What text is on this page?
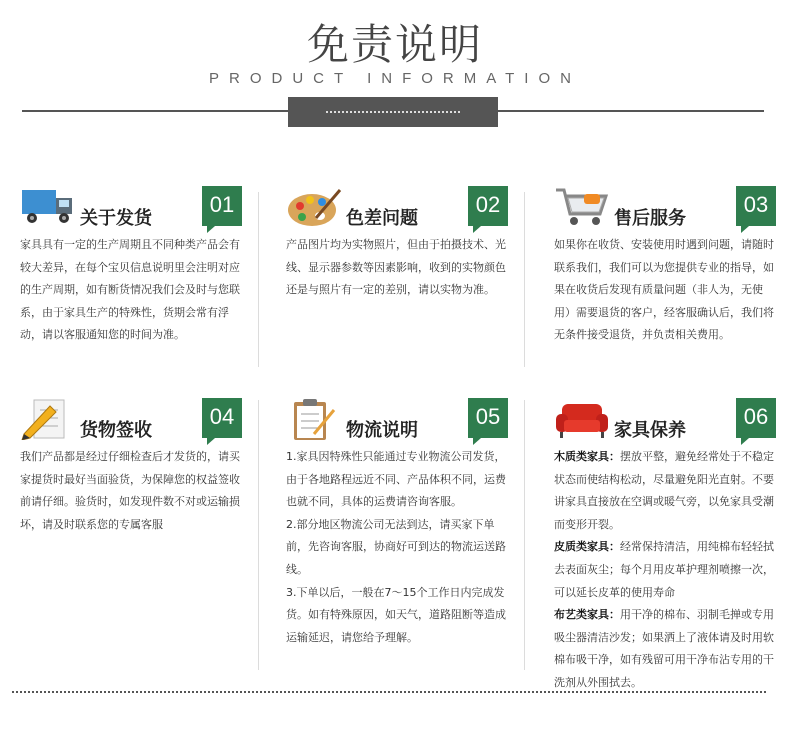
免责说明
PRODUCT INFORMATION
关于发货
01

家具具有一定的生产周期且不同种类产品会有较大差异，在每个宝贝信息说明里会注明对应的生产周期，如有断货情况我们会及时与您联系，由于家具生产的特殊性，货期会常有浮动，请以客服通知您的时间为准。

色差问题
02

产品图片均为实物照片，但由于拍摄技术、光线、显示器参数等因素影响，收到的实物颜色还是与照片有一定的差别，请以实物为准。

售后服务
03

如果你在收货、安装使用时遇到问题，请随时联系我们，我们可以为您提供专业的指导，如果在收货后发现有质量问题（非人为，无使用）需要退货的客户，经客服确认后，我们将无条件接受退货，并负责相关费用。

货物签收
04

我们产品都是经过仔细检查后才发货的，请买家提货时最好当面验货，为保障您的权益签收前请仔细。验货时，如发现件数不对或运输损坏，请及时联系您的专属客服

物流说明
05

1.家具因特殊性只能通过专业物流公司发货，由于各地路程远近不同、产品体积不同，运费也就不同，具体的运费请咨询客服。

2.部分地区物流公司无法到达，请买家下单前，先咨询客服，协商好可到达的物流运送路线。

3.下单以后，一般在7～15个工作日内完成发货。如有特殊原因，如天气，道路阻断等造成运输延迟，请您给予理解。

家具保养
06

木质类家具：摆放平整，避免经常处于不稳定状态而使结构松动，尽量避免阳光直射。不要讲家具直接放在空调或暖气旁，以免家具受潮而变形开裂。

皮质类家具：经常保持清洁，用纯棉布轻轻拭去表面灰尘；每个月用皮革护理剂喷擦一次，可以延长皮革的使用寿命

布艺类家具：用干净的棉布、羽制毛掸或专用吸尘器清洁沙发；如果洒上了液体请及时用软棉布吸干净，如有残留可用干净布沾专用的干洗剂从外围拭去。
